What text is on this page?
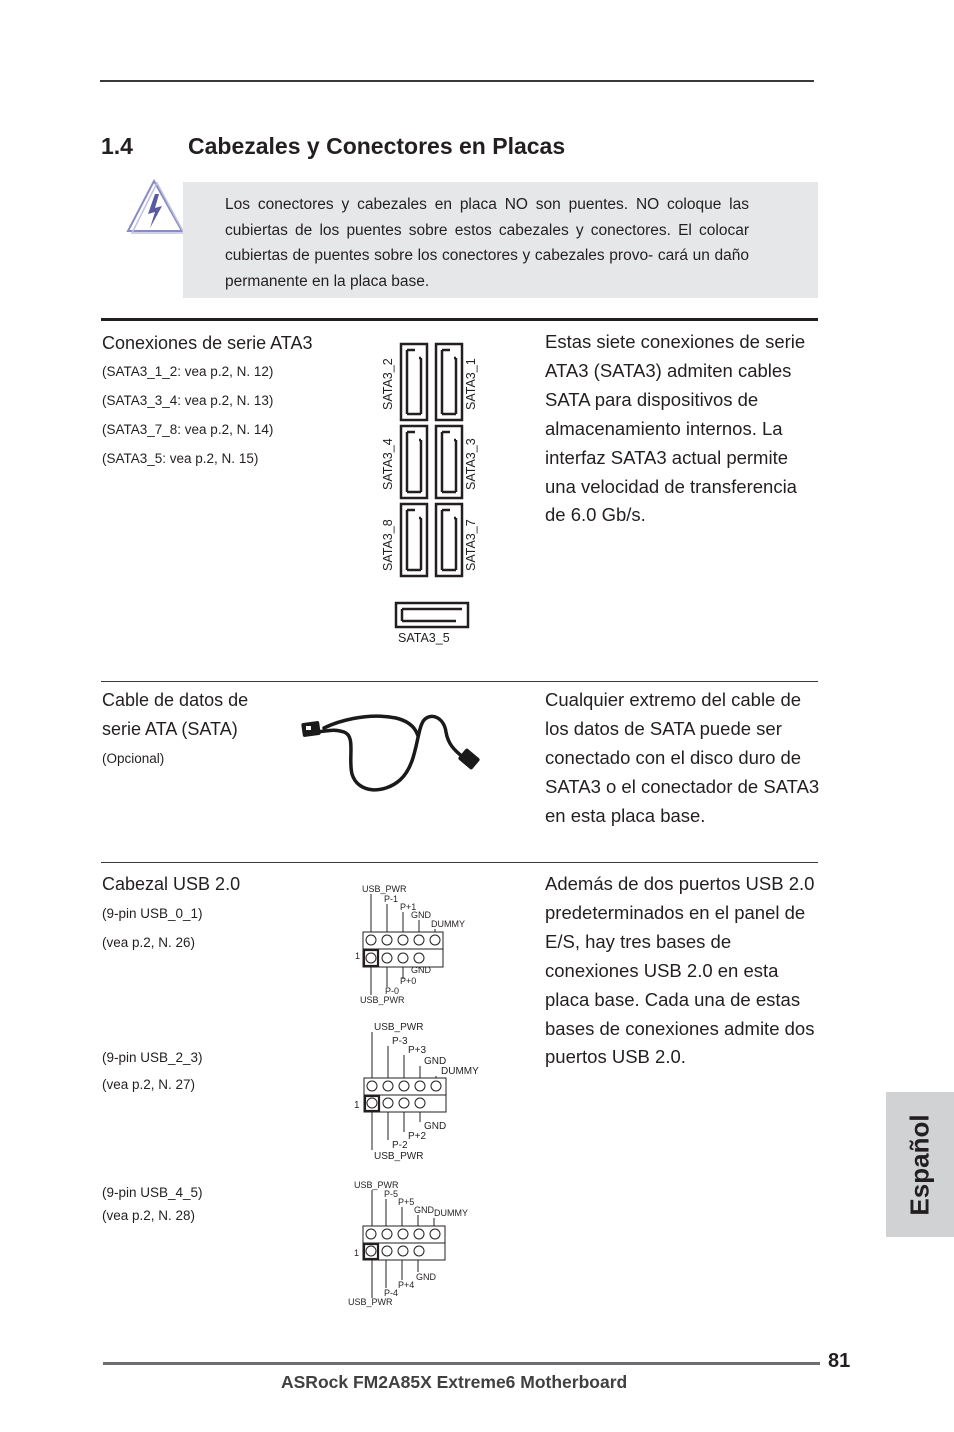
1.4 Cabezales y Conectores en Placas
Los conectores y cabezales en placa NO son puentes. NO coloque las cubiertas de los puentes sobre estos cabezales y conectores. El colocar cubiertas de puentes sobre los conectores y cabezales provo- cará un daño permanente en la placa base.
Conexiones de serie ATA3
(SATA3_1_2: vea p.2, N. 12)
(SATA3_3_4: vea p.2, N. 13)
(SATA3_7_8: vea p.2, N. 14)
(SATA3_5: vea p.2, N. 15)
SATA3_2	SATA3_1
SATA3_4	SATA3_3
SATA3_8	SATA3_7
SATA3_5
Estas siete conexiones de serie ATA3 (SATA3) admiten cables SATA para dispositivos de almacenamiento internos. La interfaz SATA3 actual permite una velocidad de transferencia de 6.0 Gb/s.
Cable de datos de
serie ATA (SATA)
(Opcional)
Cualquier extremo del cable de los datos de SATA puede ser conectado con el disco duro de SATA3 o el conectador de SATA3 en esta placa base.
Cabezal USB 2.0
(9-pin USB_0_1)
(vea p.2, N. 26)
(9-pin USB_2_3)
(vea p.2, N. 27)
(9-pin USB_4_5)
(vea p.2, N. 28)
USB_PWR
P-1
P+1
GND
DUMMY
1
GND
P+0
P-0
USB_PWR
USB_PWR
P-3
P+3
GND
DUMMY
1
GND
P+2
P-2
USB_PWR
USB_PWR
P-5
P+5
GND DUMMY
1
GND
P+4
P-4
USB_PWR
Además de dos puertos USB 2.0 predeterminados en el panel de E/S, hay tres bases de conexiones USB 2.0 en esta placa base. Cada una de estas bases de conexiones admite dos puertos USB 2.0.
Español
81
ASRock FM2A85X Extreme6 Motherboard
